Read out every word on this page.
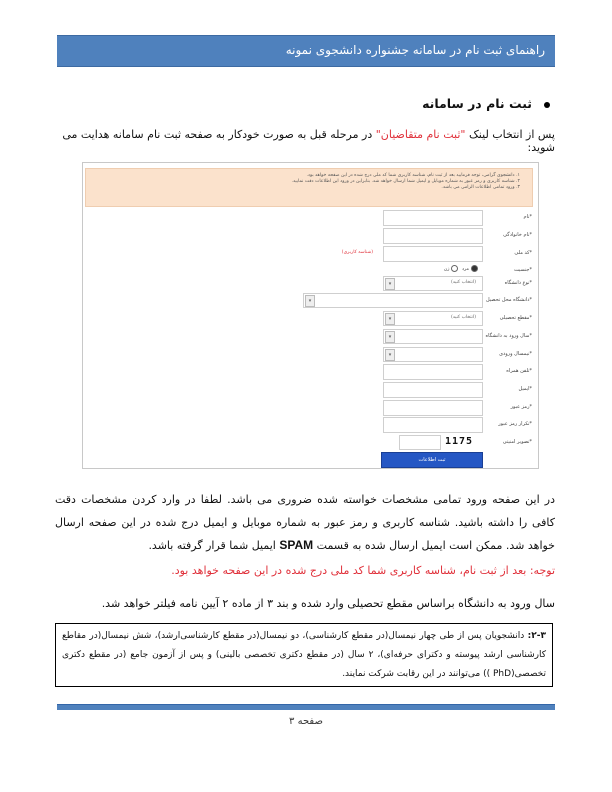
راهنمای ثبت نام در سامانه جشنواره دانشجوی نمونه
ثبت نام در سامانه
پس از انتخاب لینک "ثبت نام متقاضیان" در مرحله قبل به صورت خودکار به صفحه ثبت نام سامانه هدایت می شوید:
۱. دانشجوی گرامی، توجه فرمایید بعد از ثبت نام، شناسه کاربری شما کد ملی درج شده در این صفحه خواهد بود.
۲. شناسه کاربری و رمز عبور به شماره موبایل و ایمیل شما ارسال خواهد شد. بنابراین در ورود این اطلاعات دقت نمایید.
۳. ورود تمامی اطلاعات الزامی می باشد.
*نام
*نام خانوادگی
*کد ملی
(شناسه کاربری)
*جنسیت
مرد زن
*نوع دانشگاه
▾	(انتخاب کنید)
*دانشگاه محل تحصیل
▾
*مقطع تحصیلی
▾	(انتخاب کنید)
*سال ورود به دانشگاه
▾
*نیمسال ورودی
▾
*تلفن همراه
*ایمیل
*رمز عبور
*تکرار رمز عبور
*تصویر امنیتی
1175
ثبت اطلاعات
در این صفحه ورود تمامی مشخصات خواسته شده ضروری می باشد. لطفا در وارد کردن مشخصات دقت کافی را داشته باشید. شناسه کاربری و رمز عبور به شماره موبایل و ایمیل درج شده در این صفحه ارسال خواهد شد. ممکن است ایمیل ارسال شده به قسمت SPAM ایمیل شما قرار گرفته باشد.
توجه: بعد از ثبت نام، شناسه کاربری شما کد ملی درج شده در این صفحه خواهد بود.
سال ورود به دانشگاه براساس مقطع تحصیلی وارد شده و بند ۳ از ماده ۲ آیین نامه فیلتر خواهد شد.

۲-۳: دانشجویان پس از طی چهار نیمسال(در مقطع کارشناسی)، دو نیمسال(در مقطع کارشناسی‌ارشد)، شش نیمسال(در مقاطع کارشناسی ارشد پیوسته و دکترای حرفه‌ای)، ۲ سال (در مقطع دکتری تخصصی بالینی) و پس از آزمون جامع (در مقطع دکتری تخصصی(PhD )) می‌توانند در این رقابت شرکت نمایند.

صفحه ۳
